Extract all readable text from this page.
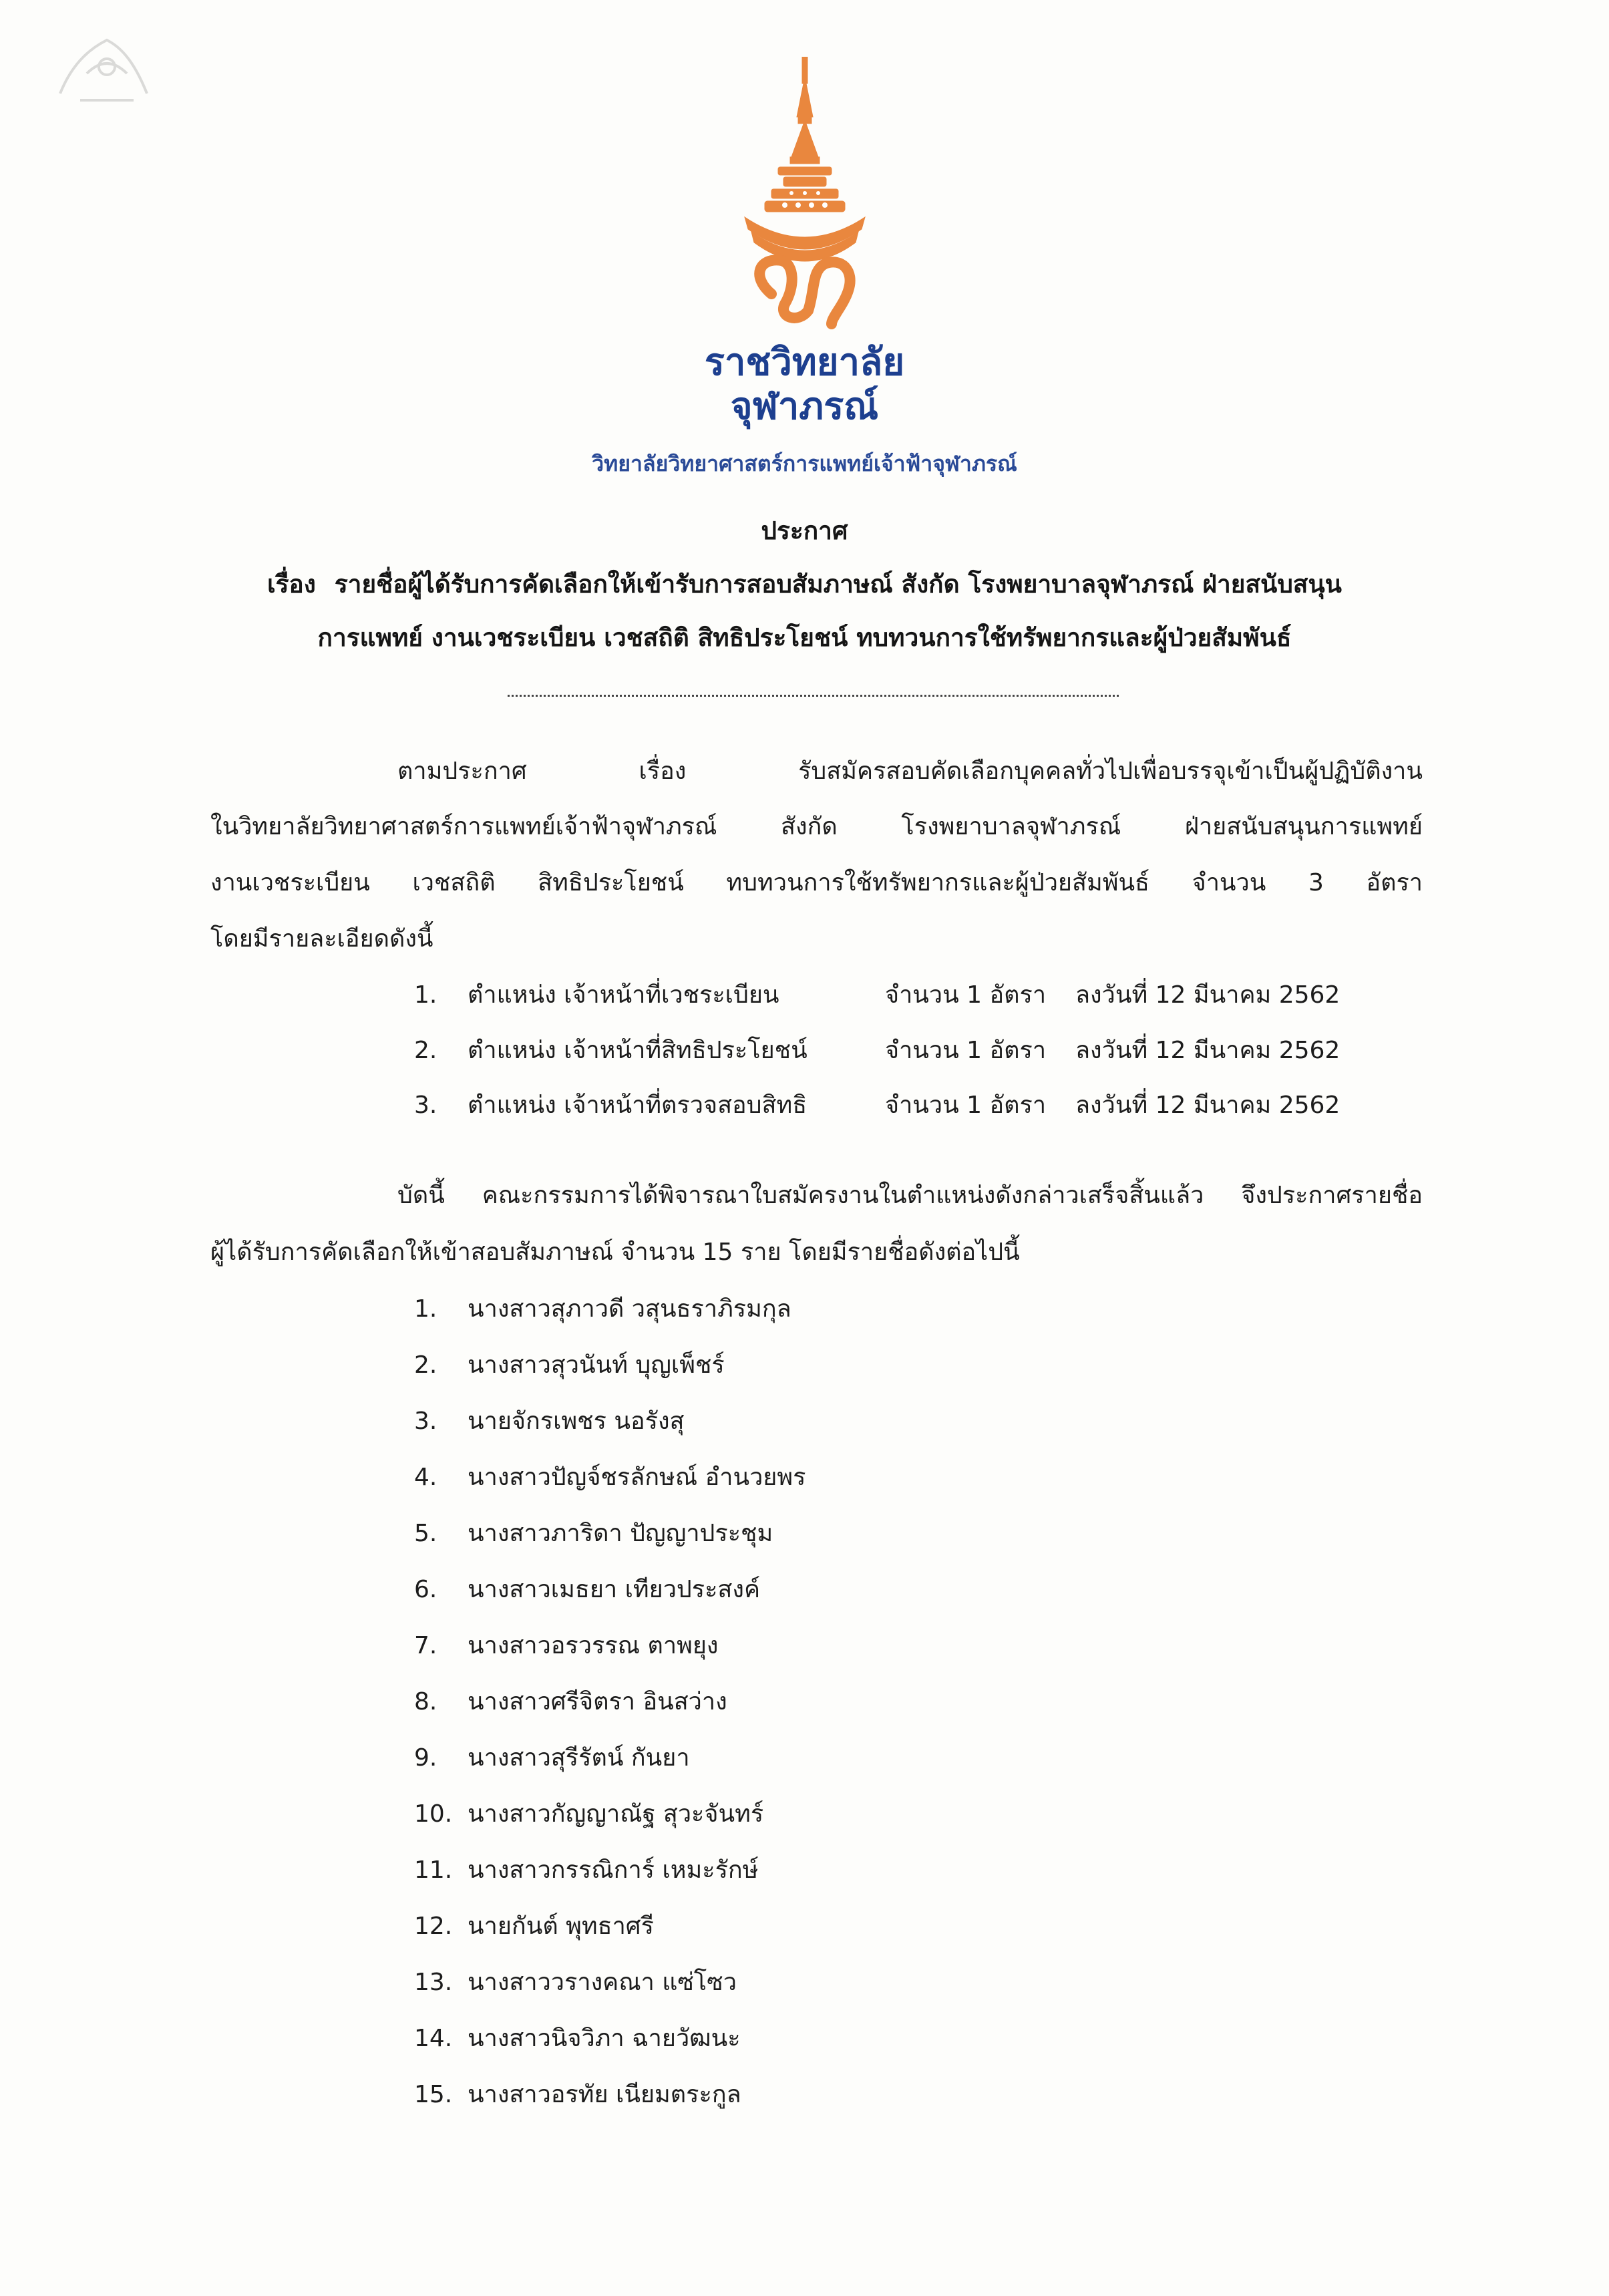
ราชวิทยาลัย
จุฬาภรณ์
วิทยาลัยวิทยาศาสตร์การแพทย์เจ้าฟ้าจุฬาภรณ์
ประกาศ
เรื่อง รายชื่อผู้ได้รับการคัดเลือกให้เข้ารับการสอบสัมภาษณ์ สังกัด โรงพยาบาลจุฬาภรณ์ ฝ่ายสนับสนุน
การแพทย์ งานเวชระเบียน เวชสถิติ สิทธิประโยชน์ ทบทวนการใช้ทรัพยากรและผู้ป่วยสัมพันธ์
ตามประกาศ เรื่อง รับสมัครสอบคัดเลือกบุคคลทั่วไปเพื่อบรรจุเข้าเป็นผู้ปฏิบัติงาน
ในวิทยาลัยวิทยาศาสตร์การแพทย์เจ้าฟ้าจุฬาภรณ์ สังกัด โรงพยาบาลจุฬาภรณ์ ฝ่ายสนับสนุนการแพทย์
งานเวชระเบียน เวชสถิติ สิทธิประโยชน์ ทบทวนการใช้ทรัพยากรและผู้ป่วยสัมพันธ์ จำนวน 3 อัตรา
โดยมีรายละเอียดดังนี้
1.	ตำแหน่ง เจ้าหน้าที่เวชระเบียน	จำนวน 1 อัตรา ลงวันที่ 12 มีนาคม 2562
2.	ตำแหน่ง เจ้าหน้าที่สิทธิประโยชน์	จำนวน 1 อัตรา ลงวันที่ 12 มีนาคม 2562
3.	ตำแหน่ง เจ้าหน้าที่ตรวจสอบสิทธิ	จำนวน 1 อัตรา ลงวันที่ 12 มีนาคม 2562
บัดนี้ คณะกรรมการได้พิจารณาใบสมัครงานในตำแหน่งดังกล่าวเสร็จสิ้นแล้ว จึงประกาศรายชื่อ
ผู้ได้รับการคัดเลือกให้เข้าสอบสัมภาษณ์ จำนวน 15 ราย โดยมีรายชื่อดังต่อไปนี้
1.	นางสาวสุภาวดี วสุนธราภิรมกุล
2.	นางสาวสุวนันท์ บุญเพ็ชร์
3.	นายจักรเพชร นอรังสุ
4.	นางสาวปัญจ์ชรลักษณ์ อำนวยพร
5.	นางสาวภาริดา ปัญญาประชุม
6.	นางสาวเมธยา เทียวประสงค์
7.	นางสาวอรวรรณ ตาพยุง
8.	นางสาวศรีจิตรา อินสว่าง
9.	นางสาวสุรีรัตน์ กันยา
10. นางสาวกัญญาณัฐ สุวะจันทร์
11. นางสาวกรรณิการ์ เหมะรักษ์
12. นายกันต์ พุทธาศรี
13. นางสาววรางคณา แซ่โซว
14. นางสาวนิจวิภา ฉายวัฒนะ
15. นางสาวอรทัย เนียมตระกูล
